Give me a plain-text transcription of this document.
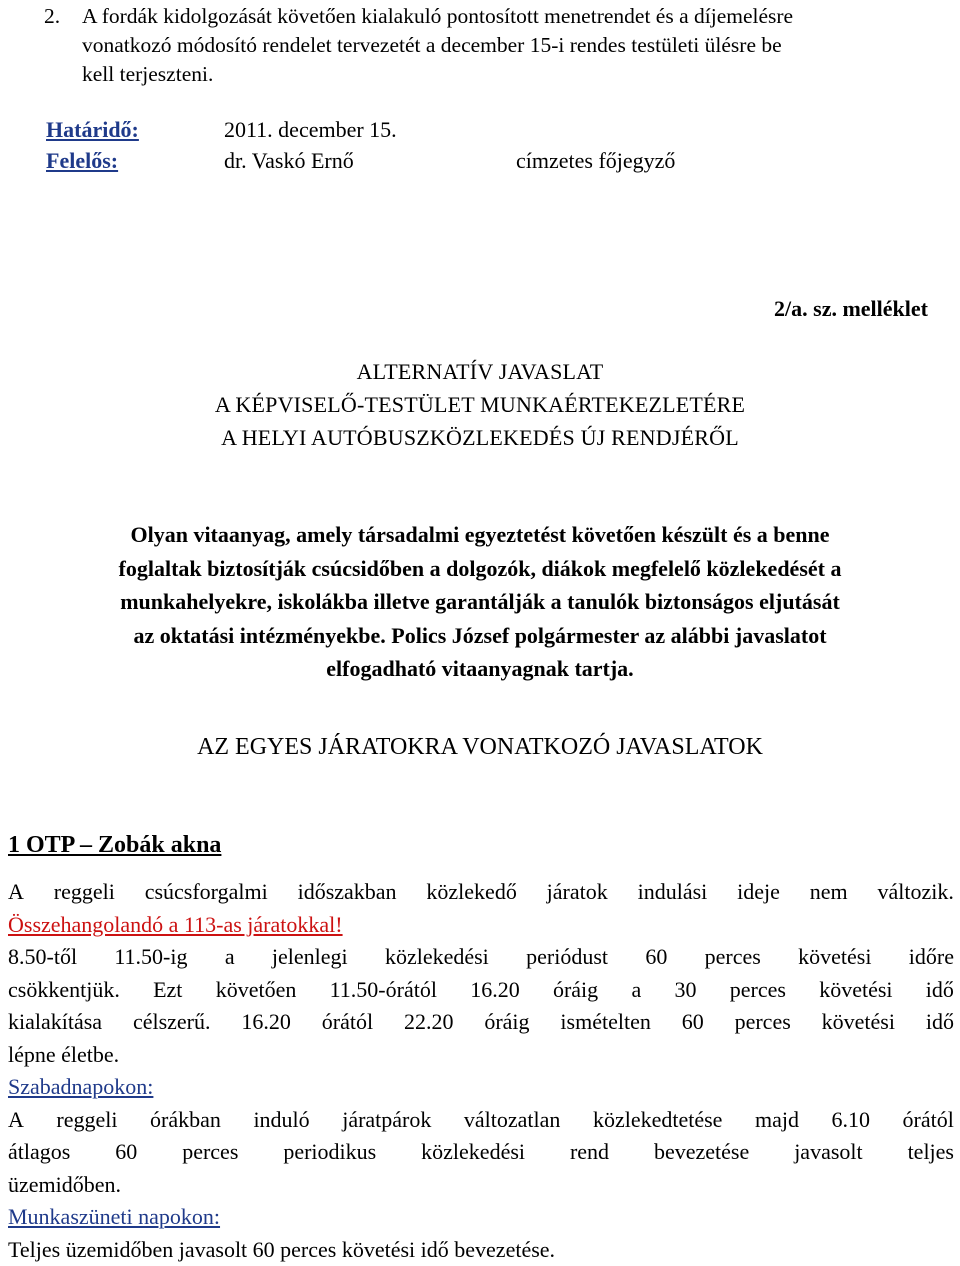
2. A fordák kidolgozását követően kialakuló pontosított menetrendet és a díjemelésre
vonatkozó módosító rendelet tervezetét a december 15-i rendes testületi ülésre be
kell terjeszteni.
Határidő:	2011. december 15.
Felelős:	dr. Vaskó Ernő	címzetes főjegyző
2/a. sz. melléklet
ALTERNATÍV JAVASLAT
A KÉPVISELŐ-TESTÜLET MUNKAÉRTEKEZLETÉRE
A HELYI AUTÓBUSZKÖZLEKEDÉS ÚJ RENDJÉRŐL
Olyan vitaanyag, amely társadalmi egyeztetést követően készült és a benne
foglaltak biztosítják csúcsidőben a dolgozók, diákok megfelelő közlekedését a
munkahelyekre, iskolákba illetve garantálják a tanulók biztonságos eljutását
az oktatási intézményekbe. Polics József polgármester az alábbi javaslatot
elfogadható vitaanyagnak tartja.
AZ EGYES JÁRATOKRA VONATKOZÓ JAVASLATOK
1 OTP – Zobák akna
A reggeli csúcsforgalmi időszakban közlekedő járatok indulási ideje nem változik.
Összehangolandó a 113-as járatokkal!
8.50-től 11.50-ig a jelenlegi közlekedési periódust 60 perces követési időre
csökkentjük. Ezt követően 11.50-órától 16.20 óráig a 30 perces követési idő
kialakítása célszerű. 16.20 órától 22.20 óráig ismételten 60 perces követési idő
lépne életbe.
Szabadnapokon:
A reggeli órákban induló járatpárok változatlan közlekedtetése majd 6.10 órától
átlagos 60 perces periodikus közlekedési rend bevezetése javasolt teljes
üzemidőben.
Munkaszüneti napokon:
Teljes üzemidőben javasolt 60 perces követési idő bevezetése.
